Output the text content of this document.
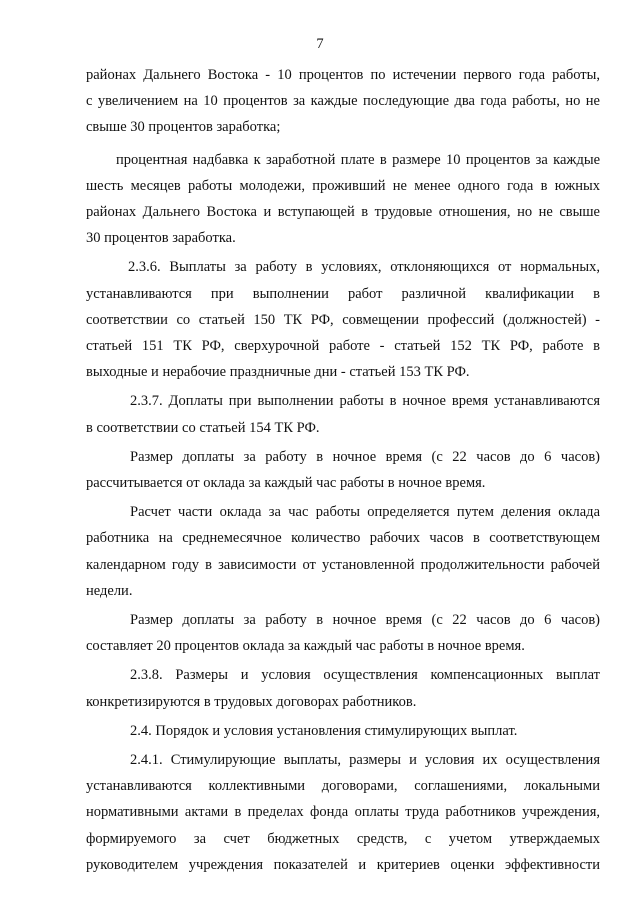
7
районах Дальнего Востока - 10 процентов по истечении первого года работы,
с увеличением на 10 процентов за каждые последующие два года работы, но не
свыше 30 процентов заработка;
процентная надбавка к заработной плате в размере 10 процентов за каждые
шесть месяцев работы молодежи, проживший не менее одного года в южных
районах Дальнего Востока и вступающей в трудовые отношения, но не свыше
30 процентов заработка.
2.3.6. Выплаты за работу в условиях, отклоняющихся от нормальных,
устанавливаются при выполнении работ различной квалификации в
соответствии со статьей 150 ТК РФ, совмещении профессий (должностей) -
статьей 151 ТК РФ, сверхурочной работе - статьей 152 ТК РФ, работе в
выходные и нерабочие праздничные дни - статьей 153 ТК РФ.
2.3.7. Доплаты при выполнении работы в ночное время устанавливаются
в соответствии со статьей 154 ТК РФ.
Размер доплаты за работу в ночное время (с 22 часов до 6 часов)
рассчитывается от оклада за каждый час работы в ночное время.
Расчет части оклада за час работы определяется путем деления оклада
работника на среднемесячное количество рабочих часов в соответствующем
календарном году в зависимости от установленной продолжительности рабочей
недели.
Размер доплаты за работу в ночное время (с 22 часов до 6 часов)
составляет 20 процентов оклада за каждый час работы в ночное время.
2.3.8. Размеры и условия осуществления компенсационных выплат
конкретизируются в трудовых договорах работников.
2.4. Порядок и условия установления стимулирующих выплат.
2.4.1. Стимулирующие выплаты, размеры и условия их осуществления
устанавливаются коллективными договорами, соглашениями, локальными
нормативными актами в пределах фонда оплаты труда работников учреждения,
формируемого за счет бюджетных средств, с учетом утверждаемых
руководителем учреждения показателей и критериев оценки эффективности
